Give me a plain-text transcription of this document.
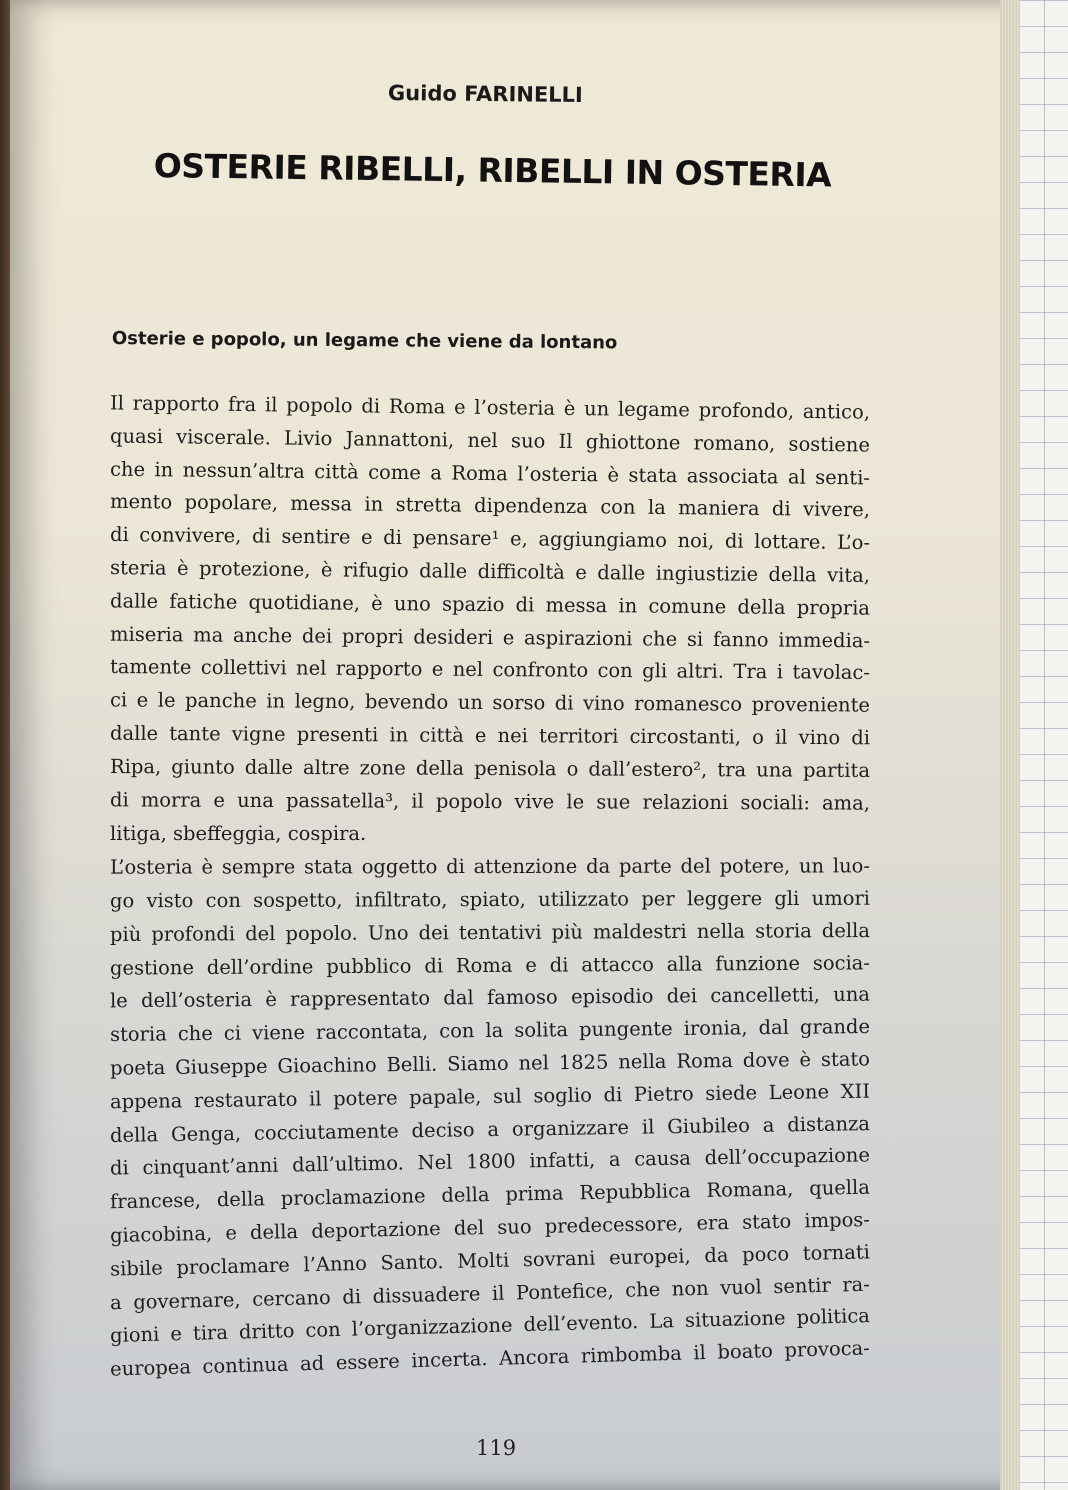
Guido FARINELLI
OSTERIE RIBELLI, RIBELLI IN OSTERIA
Osterie e popolo, un legame che viene da lontano
Il rapporto fra il popolo di Roma e l’osteria è un legame profondo, antico,
quasi viscerale. Livio Jannattoni, nel suo Il ghiottone romano, sostiene
che in nessun’altra città come a Roma l’osteria è stata associata al senti-
mento popolare, messa in stretta dipendenza con la maniera di vivere,
di convivere, di sentire e di pensare¹ e, aggiungiamo noi, di lottare. L’o-
steria è protezione, è rifugio dalle difficoltà e dalle ingiustizie della vita,
dalle fatiche quotidiane, è uno spazio di messa in comune della propria
miseria ma anche dei propri desideri e aspirazioni che si fanno immedia-
tamente collettivi nel rapporto e nel confronto con gli altri. Tra i tavolac-
ci e le panche in legno, bevendo un sorso di vino romanesco proveniente
dalle tante vigne presenti in città e nei territori circostanti, o il vino di
Ripa, giunto dalle altre zone della penisola o dall’estero², tra una partita
di morra e una passatella³, il popolo vive le sue relazioni sociali: ama,
litiga, sbeffeggia, cospira.
L’osteria è sempre stata oggetto di attenzione da parte del potere, un luo-
go visto con sospetto, infiltrato, spiato, utilizzato per leggere gli umori
più profondi del popolo. Uno dei tentativi più maldestri nella storia della
gestione dell’ordine pubblico di Roma e di attacco alla funzione socia-
le dell’osteria è rappresentato dal famoso episodio dei cancelletti, una
storia che ci viene raccontata, con la solita pungente ironia, dal grande
poeta Giuseppe Gioachino Belli. Siamo nel 1825 nella Roma dove è stato
appena restaurato il potere papale, sul soglio di Pietro siede Leone XII
della Genga, cocciutamente deciso a organizzare il Giubileo a distanza
di cinquant’anni dall’ultimo. Nel 1800 infatti, a causa dell’occupazione
francese, della proclamazione della prima Repubblica Romana, quella
giacobina, e della deportazione del suo predecessore, era stato impos-
sibile proclamare l’Anno Santo. Molti sovrani europei, da poco tornati
a governare, cercano di dissuadere il Pontefice, che non vuol sentir ra-
gioni e tira dritto con l’organizzazione dell’evento. La situazione politica
europea continua ad essere incerta. Ancora rimbomba il boato provoca-
119
